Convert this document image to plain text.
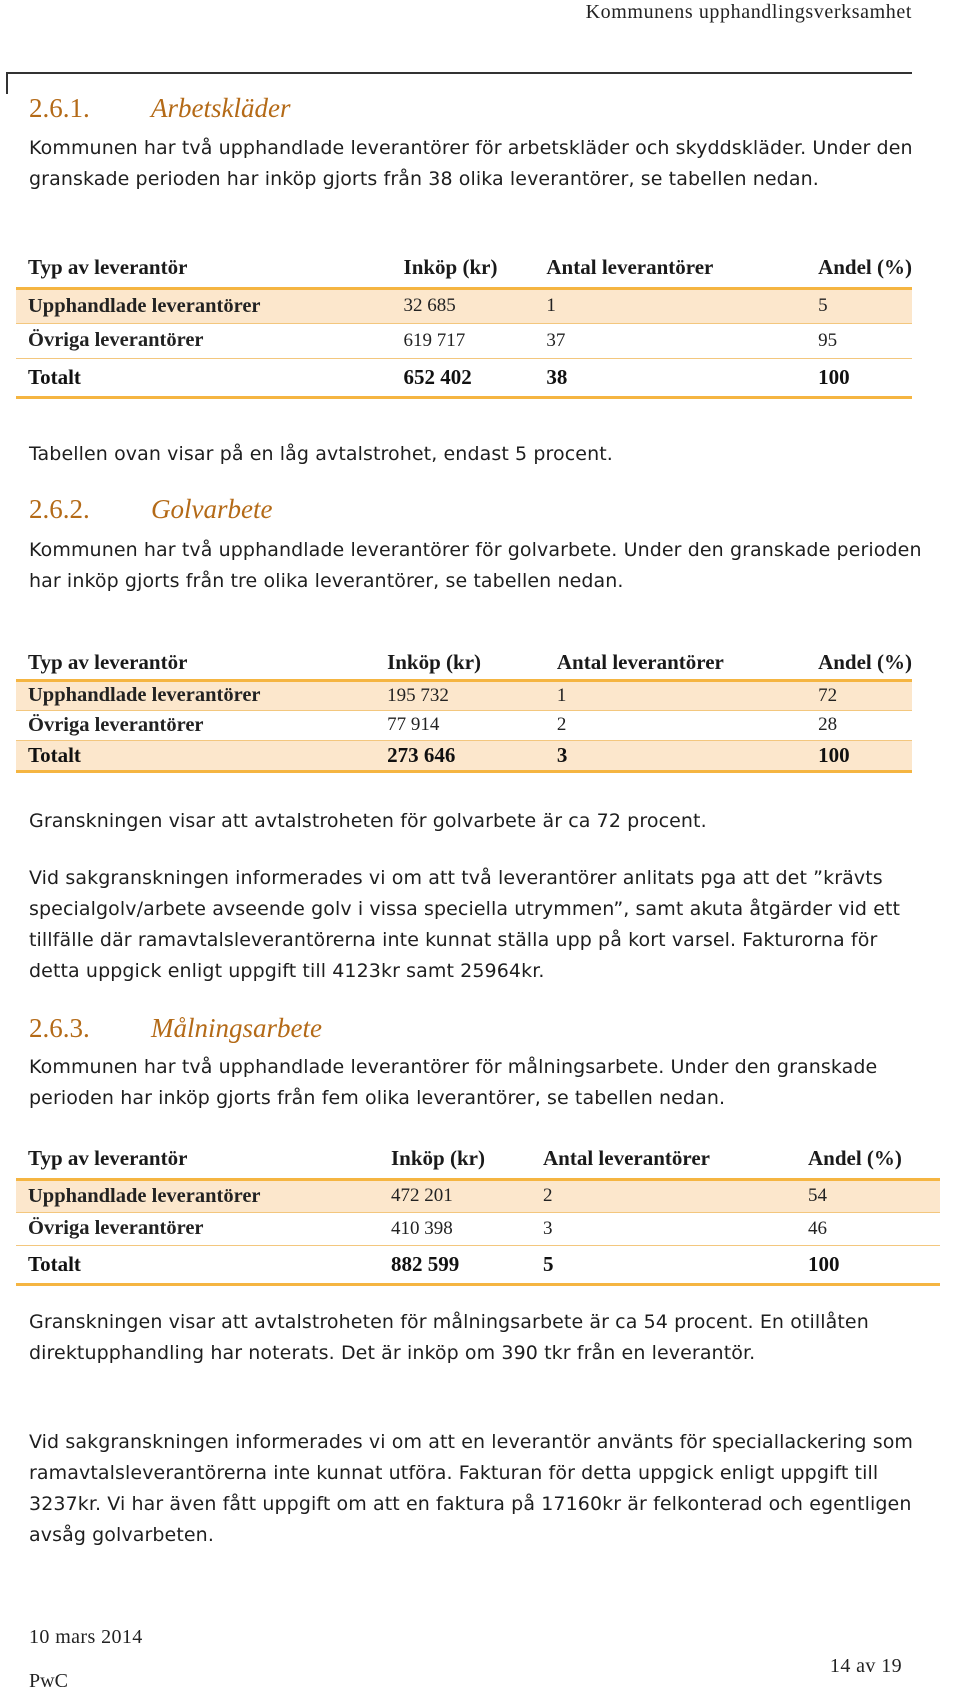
Kommunens upphandlingsverksamhet
2.6.1. Arbetskläder
Kommunen har två upphandlade leverantörer för arbetskläder och skyddskläder. Under den granskade perioden har inköp gjorts från 38 olika leverantörer, se tabellen nedan.
Typ av leverantör	Inköp (kr)	Antal leverantörer	Andel (%)
Upphandlade leverantörer	32 685	1	5
Övriga leverantörer	619 717	37	95
Totalt	652 402	38	100
Tabellen ovan visar på en låg avtalstrohet, endast 5 procent.
2.6.2. Golvarbete
Kommunen har två upphandlade leverantörer för golvarbete. Under den granskade perioden har inköp gjorts från tre olika leverantörer, se tabellen nedan.
Typ av leverantör	Inköp (kr)	Antal leverantörer	Andel (%)
Upphandlade leverantörer	195 732	1	72
Övriga leverantörer	77 914	2	28
Totalt	273 646	3	100
Granskningen visar att avtalstroheten för golvarbete är ca 72 procent.
Vid sakgranskningen informerades vi om att två leverantörer anlitats pga att det ”krävts specialgolv/arbete avseende golv i vissa speciella utrymmen”, samt akuta åtgärder vid ett tillfälle där ramavtalsleverantörerna inte kunnat ställa upp på kort varsel. Fakturorna för detta uppgick enligt uppgift till 4123kr samt 25964kr.
2.6.3. Målningsarbete
Kommunen har två upphandlade leverantörer för målningsarbete. Under den granskade perioden har inköp gjorts från fem olika leverantörer, se tabellen nedan.
Typ av leverantör	Inköp (kr)	Antal leverantörer	Andel (%)
Upphandlade leverantörer	472 201	2	54
Övriga leverantörer	410 398	3	46
Totalt	882 599	5	100
Granskningen visar att avtalstroheten för målningsarbete är ca 54 procent. En otillåten direktupphandling har noterats. Det är inköp om 390 tkr från en leverantör.
Vid sakgranskningen informerades vi om att en leverantör använts för speciallackering som ramavtalsleverantörerna inte kunnat utföra. Fakturan för detta uppgick enligt uppgift till 3237kr. Vi har även fått uppgift om att en faktura på 17160kr är felkonterad och egentligen avsåg golvarbeten.
10 mars 2014
PwC
14 av 19
